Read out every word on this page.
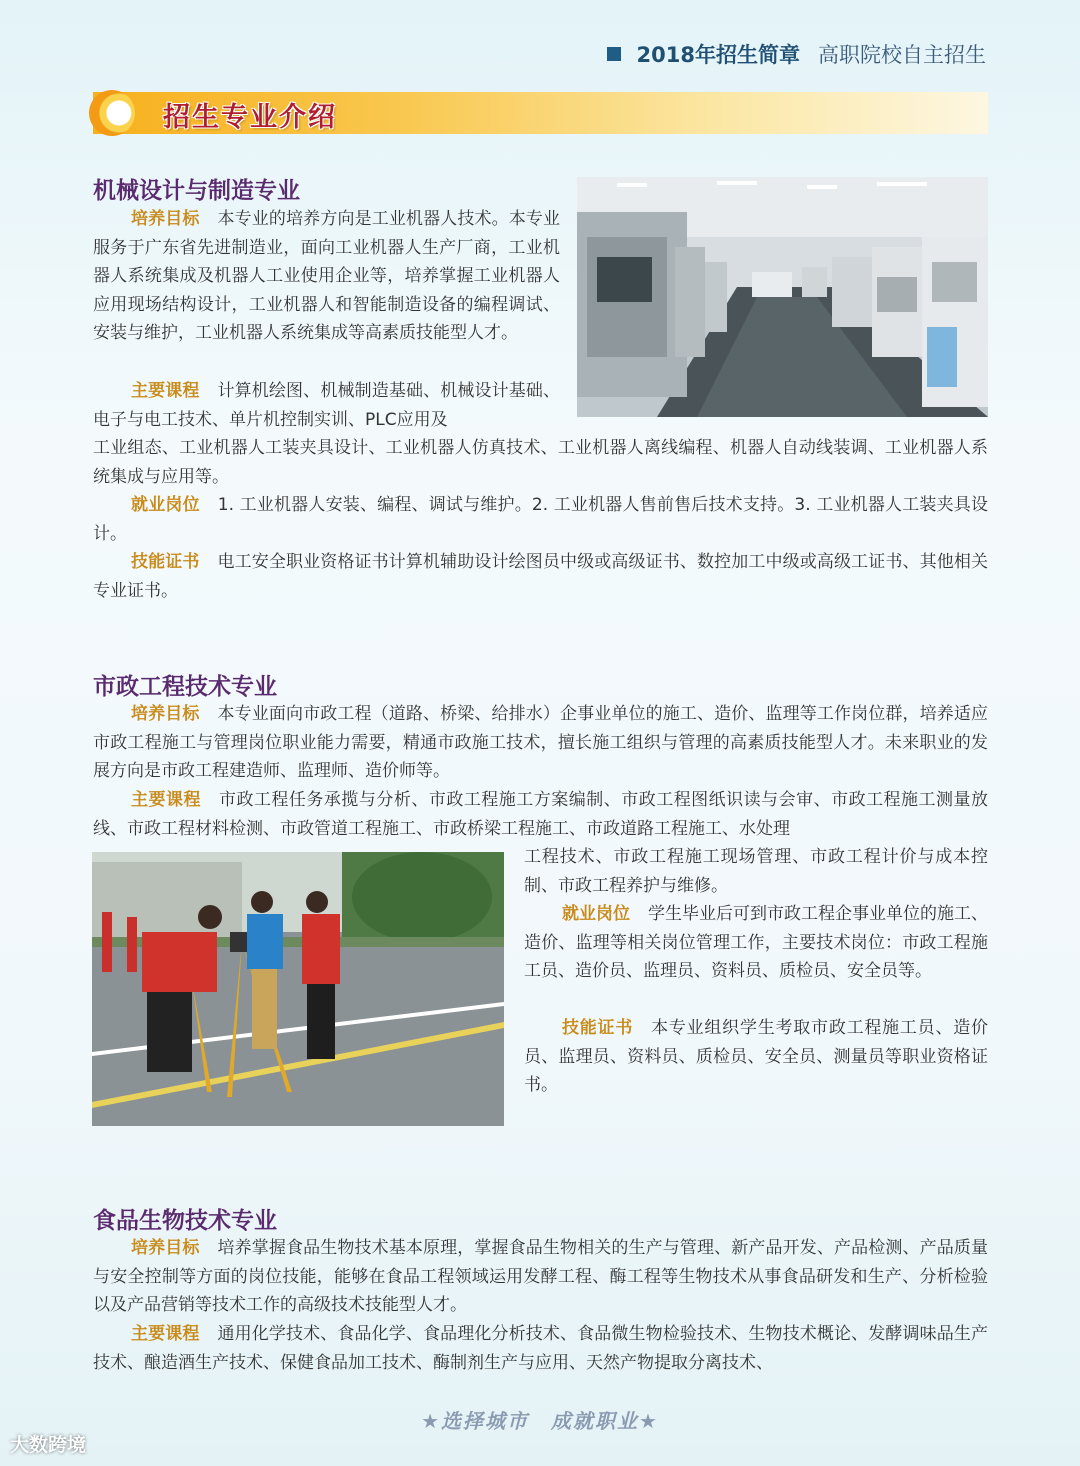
2018年招生简章 高职院校自主招生
招生专业介绍
机械设计与制造专业

培养目标 本专业的培养方向是工业机器人技术。本专业服务于广东省先进制造业，面向工业机器人生产厂商，工业机器人系统集成及机器人工业使用企业等，培养掌握工业机器人应用现场结构设计，工业机器人和智能制造设备的编程调试、安装与维护，工业机器人系统集成等高素质技能型人才。

主要课程 计算机绘图、机械制造基础、机械设计基础、电子与电工技术、单片机控制实训、PLC应用及

工业组态、工业机器人工装夹具设计、工业机器人仿真技术、工业机器人离线编程、机器人自动线装调、工业机器人系统集成与应用等。

就业岗位 1. 工业机器人安装、编程、调试与维护。2. 工业机器人售前售后技术支持。3. 工业机器人工装夹具设计。

技能证书 电工安全职业资格证书计算机辅助设计绘图员中级或高级证书、数控加工中级或高级工证书、其他相关专业证书。

市政工程技术专业

培养目标 本专业面向市政工程（道路、桥梁、给排水）企事业单位的施工、造价、监理等工作岗位群，培养适应市政工程施工与管理岗位职业能力需要，精通市政施工技术，擅长施工组织与管理的高素质技能型人才。未来职业的发展方向是市政工程建造师、监理师、造价师等。

主要课程 市政工程任务承揽与分析、市政工程施工方案编制、市政工程图纸识读与会审、市政工程施工测量放线、市政工程材料检测、市政管道工程施工、市政桥梁工程施工、市政道路工程施工、水处理

工程技术、市政工程施工现场管理、市政工程计价与成本控制、市政工程养护与维修。

就业岗位 学生毕业后可到市政工程企事业单位的施工、造价、监理等相关岗位管理工作，主要技术岗位：市政工程施工员、造价员、监理员、资料员、质检员、安全员等。

技能证书 本专业组织学生考取市政工程施工员、造价员、监理员、资料员、质检员、安全员、测量员等职业资格证书。

食品生物技术专业

培养目标 培养掌握食品生物技术基本原理，掌握食品生物相关的生产与管理、新产品开发、产品检测、产品质量与安全控制等方面的岗位技能，能够在食品工程领域运用发酵工程、酶工程等生物技术从事食品研发和生产、分析检验以及产品营销等技术工作的高级技术技能型人才。

主要课程 通用化学技术、食品化学、食品理化分析技术、食品微生物检验技术、生物技术概论、发酵调味品生产技术、酿造酒生产技术、保健食品加工技术、酶制剂生产与应用、天然产物提取分离技术、

★选择城市　成就职业★
大数跨境
